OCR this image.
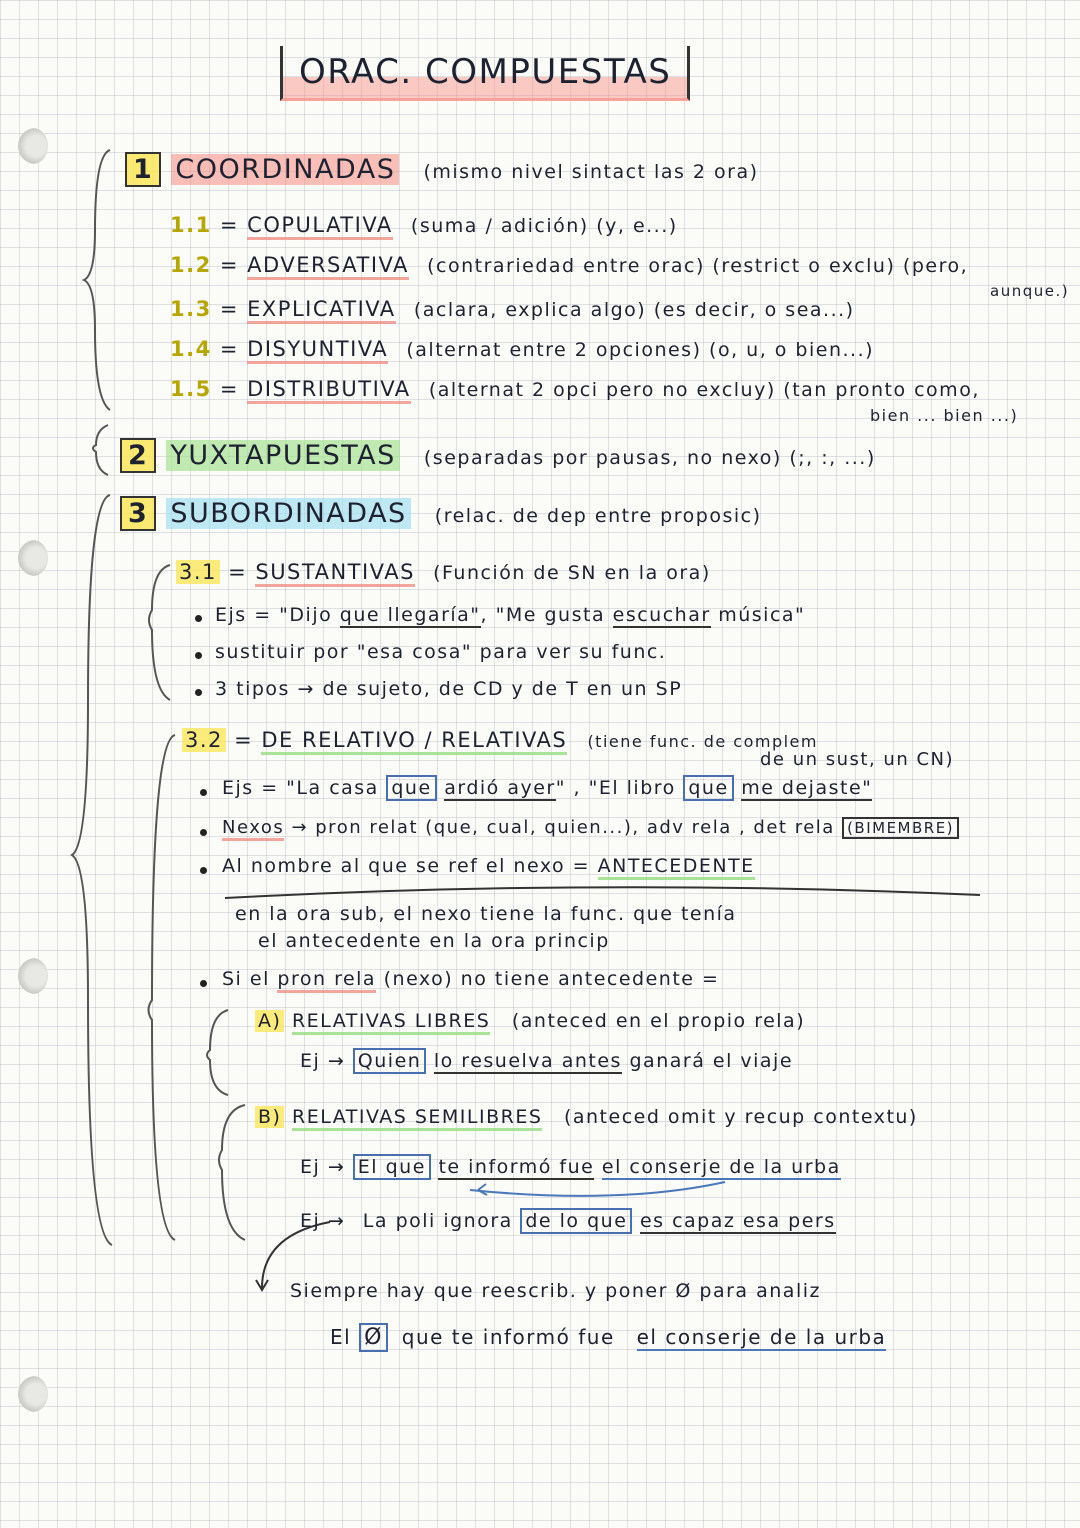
ORAC. COMPUESTAS
1 COORDINADAS (mismo nivel sintact las 2 ora)
1.1 = COPULATIVA (suma / adición) (y, e...)
1.2 = ADVERSATIVA (contrariedad entre orac) (restrict o exclu) (pero,
aunque.)
1.3 = EXPLICATIVA (aclara, explica algo) (es decir, o sea...)
1.4 = DISYUNTIVA (alternat entre 2 opciones) (o, u, o bien...)
1.5 = DISTRIBUTIVA (alternat 2 opci pero no excluy) (tan pronto como,
bien ... bien ...)
2 YUXTAPUESTAS (separadas por pausas, no nexo) (;, :, ...)
3 SUBORDINADAS (relac. de dep entre proposic)
3.1 = SUSTANTIVAS (Función de SN en la ora)
Ejs = "Dijo que llegaría", "Me gusta escuchar música"
sustituir por "esa cosa" para ver su func.
3 tipos → de sujeto, de CD y de T en un SP
3.2 = DE RELATIVO / RELATIVAS (tiene func. de complem
de un sust, un CN)
Ejs = "La casa que ardió ayer" , "El libro que me dejaste"
Nexos → pron relat (que, cual, quien...), adv rela , det rela (BIMEMBRE)
Al nombre al que se ref el nexo = ANTECEDENTE
en la ora sub, el nexo tiene la func. que tenía
el antecedente en la ora princip
Si el pron rela (nexo) no tiene antecedente =
A) RELATIVAS LIBRES (anteced en el propio rela)
Ej → Quien lo resuelva antes ganará el viaje
B) RELATIVAS SEMILIBRES (anteced omit y recup contextu)
Ej → El que te informó fue el conserje de la urba
Ej → La poli ignora de lo que es capaz esa pers
Siempre hay que reescrib. y poner Ø para analiz
El Ø que te informó fue el conserje de la urba
